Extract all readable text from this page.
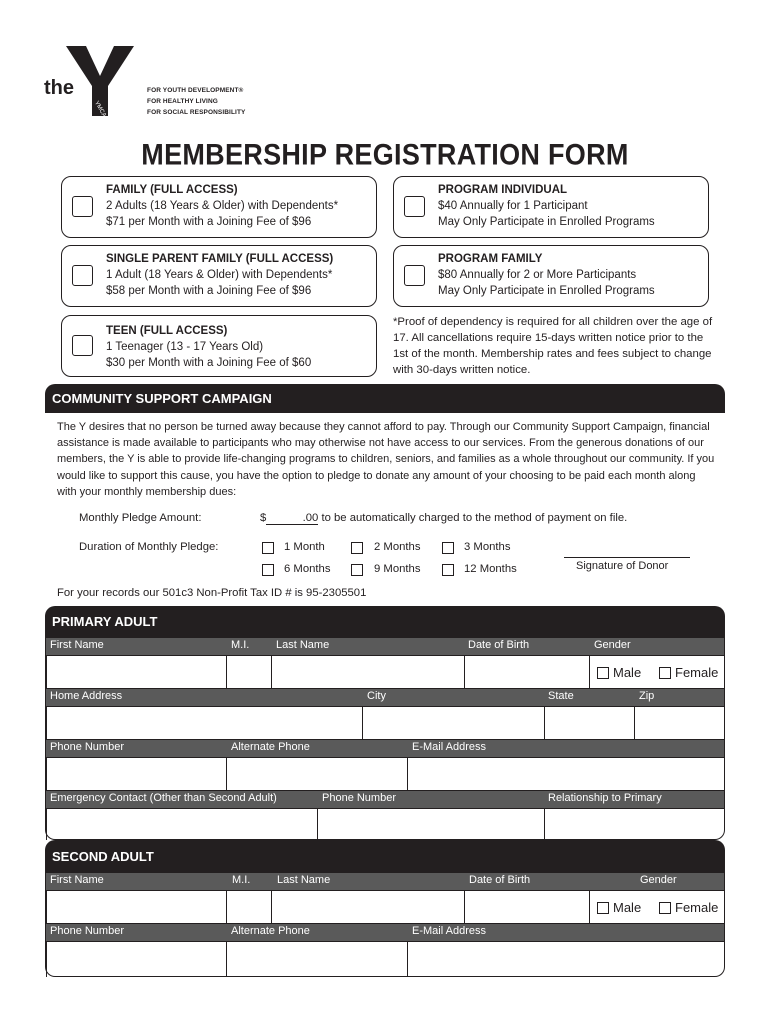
the
YMCA
FOR YOUTH DEVELOPMENT®
FOR HEALTHY LIVING
FOR SOCIAL RESPONSIBILITY
MEMBERSHIP REGISTRATION FORM
FAMILY (FULL ACCESS)
2 Adults (18 Years & Older) with Dependents*
$71 per Month with a Joining Fee of $96
PROGRAM INDIVIDUAL
$40 Annually for 1 Participant
May Only Participate in Enrolled Programs
SINGLE PARENT FAMILY (FULL ACCESS)
1 Adult (18 Years & Older) with Dependents*
$58 per Month with a Joining Fee of $96
PROGRAM FAMILY
$80 Annually for 2 or More Participants
May Only Participate in Enrolled Programs
TEEN (FULL ACCESS)
1 Teenager (13 - 17 Years Old)
$30 per Month with a Joining Fee of $60
*Proof of dependency is required for all children over the age of 17. All cancellations require 15-days written notice prior to the 1st of the month. Membership rates and fees subject to change with 30-days written notice.
COMMUNITY SUPPORT CAMPAIGN
The Y desires that no person be turned away because they cannot afford to pay. Through our Community Support Campaign, financial assistance is made available to participants who may otherwise not have access to our services. From the generous donations of our members, the Y is able to provide life-changing programs to children, seniors, and families as a whole throughout our community. If you would like to support this cause, you have the option to pledge to donate any amount of your choosing to be paid each month along with your monthly membership dues:
Monthly Pledge Amount:	$	.00 to be automatically charged to the method of payment on file.
Duration of Monthly Pledge:	1 Month	2 Months	3 Months
6 Months	9 Months	12 Months	Signature of Donor
For your records our 501c3 Non-Profit Tax ID # is 95-2305501
PRIMARY ADULT
First Name	M.I. Last Name	Date of Birth	Gender
Male	Female
Home Address	City	State	Zip
Phone Number	Alternate Phone	E-Mail Address
Emergency Contact (Other than Second Adult)	Phone Number	Relationship to Primary
SECOND ADULT
First Name	M.I. Last Name	Date of Birth	Gender
Male	Female
Phone Number	Alternate Phone	E-Mail Address
